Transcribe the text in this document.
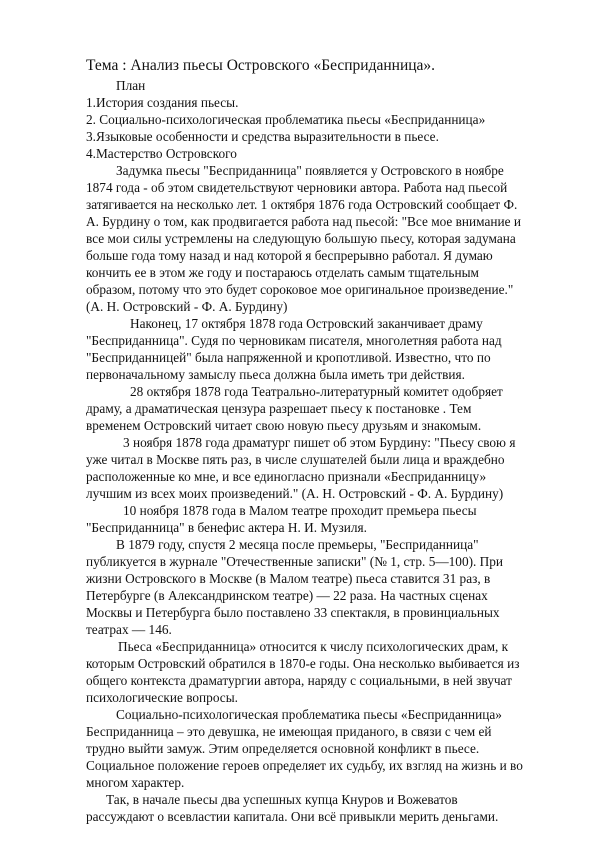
Тема : Анализ пьесы Островского «Бесприданница».
План
1.История создания пьесы.
2. Социально-психологическая проблематика пьесы «Бесприданница»
3.Языковые особенности и средства выразительности в пьесе.
4.Мастерство Островского
Задумка пьесы "Бесприданница" появляется у Островского в ноябре
1874 года - об этом свидетельствуют черновики автора. Работа над пьесой
затягивается на несколько лет. 1 октября 1876 года Островский сообщает Ф.
А. Бурдину о том, как продвигается работа над пьесой: "Все мое внимание и
все мои силы устремлены на следующую большую пьесу, которая задумана
больше года тому назад и над которой я беспрерывно работал. Я думаю
кончить ее в этом же году и постараюсь отделать самым тщательным
образом, потому что это будет сороковое мое оригинальное произведение."
(А. Н. Островский - Ф. А. Бурдину)
Наконец, 17 октября 1878 года Островский заканчивает драму
"Бесприданница". Судя по черновикам писателя, многолетняя работа над
"Бесприданницей" была напряженной и кропотливой. Известно, что по
первоначальному замыслу пьеса должна была иметь три действия.
28 октября 1878 года Театрально-литературный комитет одобряет
драму, а драматическая цензура разрешает пьесу к постановке . Тем
временем Островский читает свою новую пьесу друзьям и знакомым.
3 ноября 1878 года драматург пишет об этом Бурдину: "Пьесу свою я
уже читал в Москве пять раз, в числе слушателей были лица и враждебно
расположенные ко мне, и все единогласно признали «Бесприданницу»
лучшим из всех моих произведений." (А. Н. Островский - Ф. А. Бурдину)
10 ноября 1878 года в Малом театре проходит премьера пьесы
"Бесприданница" в бенефис актера Н. И. Музиля.
В 1879 году, спустя 2 месяца после премьеры, "Бесприданница"
публикуется в журнале "Отечественные записки" (№ 1, стр. 5—100). При
жизни Островского в Москве (в Малом театре) пьеса ставится 31 раз, в
Петербурге (в Александринском театре) — 22 раза. На частных сценах
Москвы и Петербурга было поставлено 33 спектакля, в провинциальных
театрах — 146.
Пьеса «Бесприданница» относится к числу психологических драм, к
которым Островский обратился в 1870-е годы. Она несколько выбивается из
общего контекста драматургии автора, наряду с социальными, в ней звучат
психологические вопросы.
Социально-психологическая проблематика пьесы «Бесприданница»
Бесприданница – это девушка, не имеющая приданого, в связи с чем ей
трудно выйти замуж. Этим определяется основной конфликт в пьесе.
Социальное положение героев определяет их судьбу, их взгляд на жизнь и во
многом характер.
Так, в начале пьесы два успешных купца Кнуров и Вожеватов
рассуждают о всевластии капитала. Они всё привыкли мерить деньгами.
